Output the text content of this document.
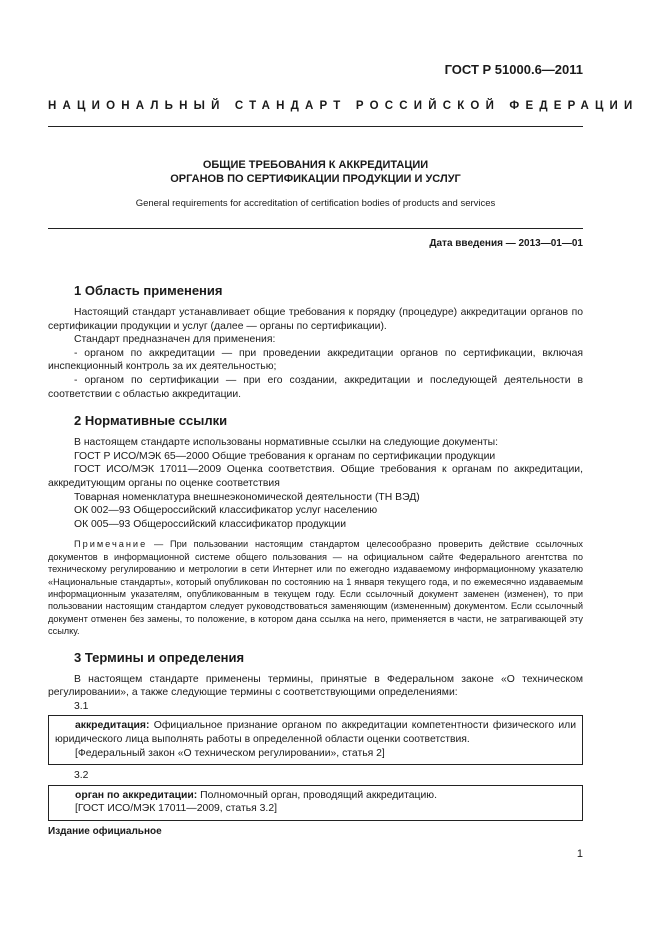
ГОСТ Р 51000.6—2011
НАЦИОНАЛЬНЫЙ СТАНДАРТ РОССИЙСКОЙ ФЕДЕРАЦИИ
ОБЩИЕ ТРЕБОВАНИЯ К АККРЕДИТАЦИИ
ОРГАНОВ ПО СЕРТИФИКАЦИИ ПРОДУКЦИИ И УСЛУГ
General requirements for accreditation of certification bodies of products and services
Дата введения — 2013—01—01
1 Область применения

Настоящий стандарт устанавливает общие требования к порядку (процедуре) аккредитации органов по сертификации продукции и услуг (далее — органы по сертификации).

Стандарт предназначен для применения:

- органом по аккредитации — при проведении аккредитации органов по сертификации, включая инспекционный контроль за их деятельностью;

- органом по сертификации — при его создании, аккредитации и последующей деятельности в соответствии с областью аккредитации.

2 Нормативные ссылки

В настоящем стандарте использованы нормативные ссылки на следующие документы:

ГОСТ Р ИСО/МЭК 65—2000 Общие требования к органам по сертификации продукции

ГОСТ ИСО/МЭК 17011—2009 Оценка соответствия. Общие требования к органам по аккредитации, аккредитующим органы по оценке соответствия

Товарная номенклатура внешнеэкономической деятельности (ТН ВЭД)

ОК 002—93 Общероссийский классификатор услуг населению

ОК 005—93 Общероссийский классификатор продукции

Примечание — При пользовании настоящим стандартом целесообразно проверить действие ссылочных документов в информационной системе общего пользования — на официальном сайте Федерального агентства по техническому регулированию и метрологии в сети Интернет или по ежегодно издаваемому информационному указателю «Национальные стандарты», который опубликован по состоянию на 1 января текущего года, и по ежемесячно издаваемым информационным указателям, опубликованным в текущем году. Если ссылочный документ заменен (изменен), то при пользовании настоящим стандартом следует руководствоваться заменяющим (измененным) документом. Если ссылочный документ отменен без замены, то положение, в котором дана ссылка на него, применяется в части, не затрагивающей эту ссылку.

3 Термины и определения

В настоящем стандарте применены термины, принятые в Федеральном законе «О техническом регулировании», а также следующие термины с соответствующими определениями:

3.1

аккредитация: Официальное признание органом по аккредитации компетентности физического или юридического лица выполнять работы в определенной области оценки соответствия.

[Федеральный закон «О техническом регулировании», статья 2]

3.2

орган по аккредитации: Полномочный орган, проводящий аккредитацию.

[ГОСТ ИСО/МЭК 17011—2009, статья 3.2]

Издание официальное
1
